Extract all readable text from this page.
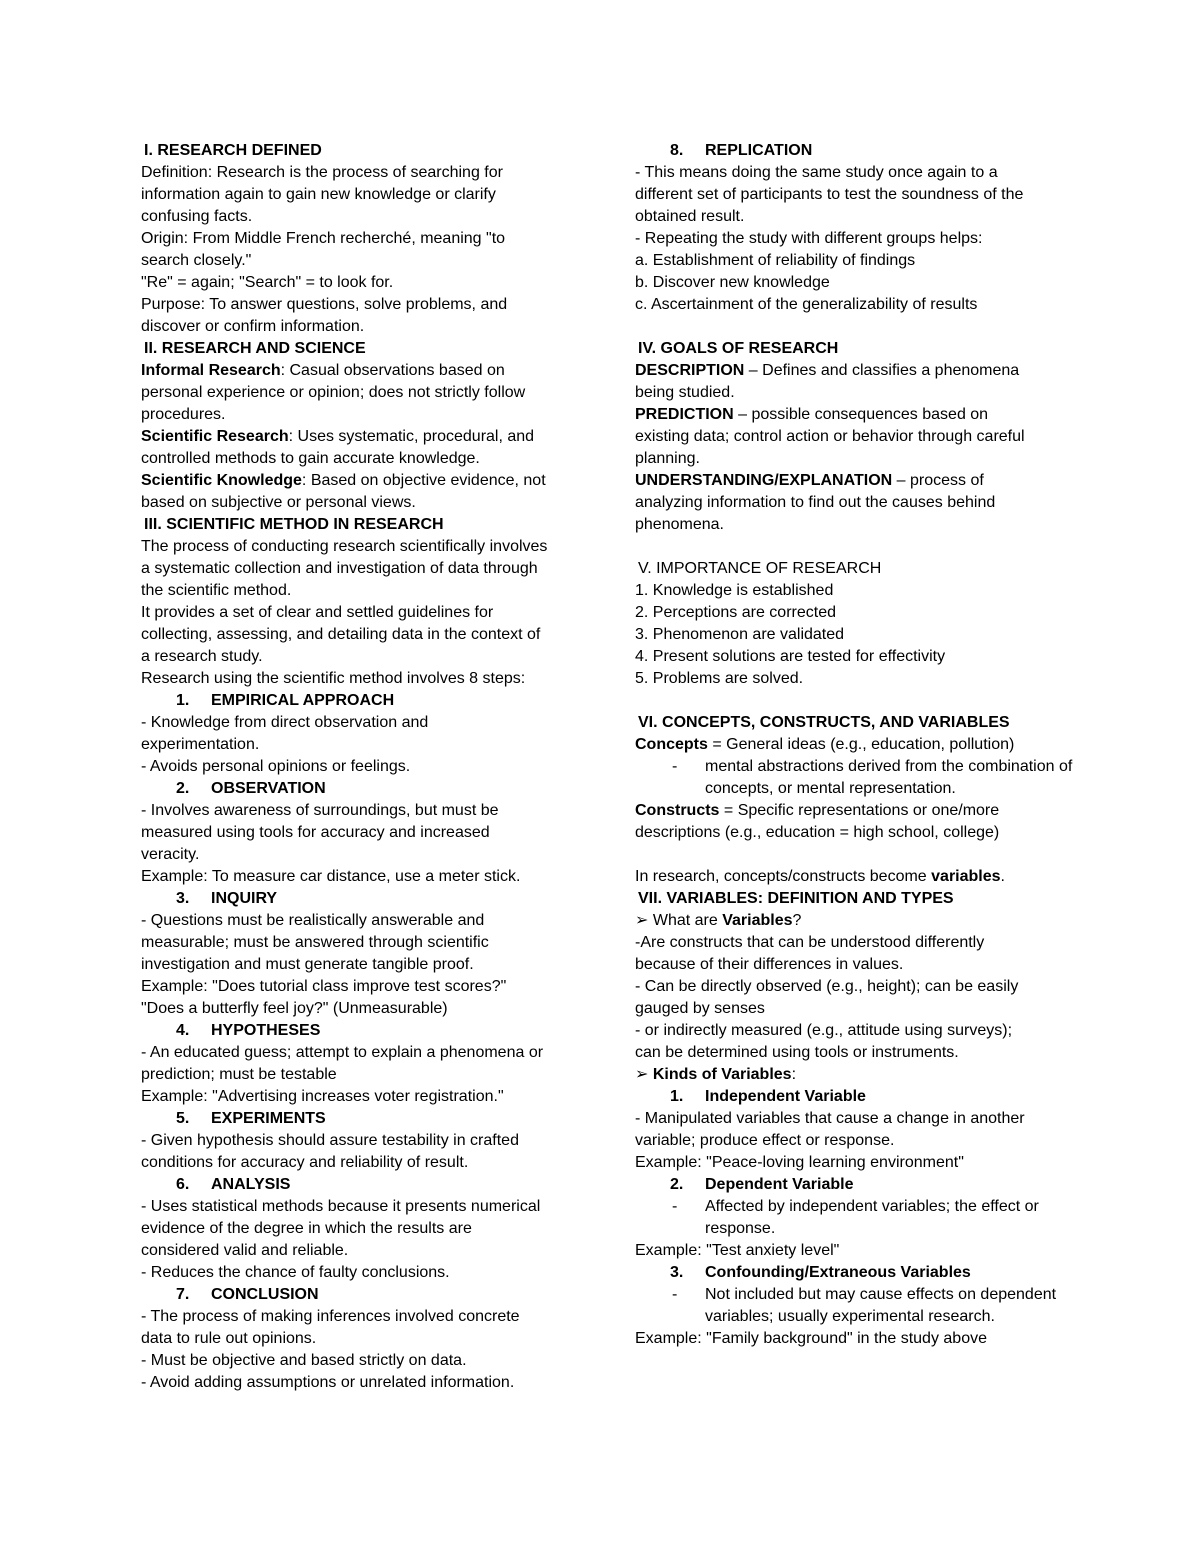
I. RESEARCH DEFINED
Definition: Research is the process of searching for
information again to gain new knowledge or clarify
confusing facts.
Origin: From Middle French recherché, meaning "to
search closely."
"Re" = again; "Search" = to look for.
Purpose: To answer questions, solve problems, and
discover or confirm information.
II. RESEARCH AND SCIENCE
Informal Research: Casual observations based on
personal experience or opinion; does not strictly follow
procedures.
Scientific Research: Uses systematic, procedural, and
controlled methods to gain accurate knowledge.
Scientific Knowledge: Based on objective evidence, not
based on subjective or personal views.
III. SCIENTIFIC METHOD IN RESEARCH
The process of conducting research scientifically involves
a systematic collection and investigation of data through
the scientific method.
It provides a set of clear and settled guidelines for
collecting, assessing, and detailing data in the context of
a research study.
Research using the scientific method involves 8 steps:
1. EMPIRICAL APPROACH
- Knowledge from direct observation and
experimentation.
- Avoids personal opinions or feelings.
2. OBSERVATION
- Involves awareness of surroundings, but must be
measured using tools for accuracy and increased
veracity.
Example: To measure car distance, use a meter stick.
3. INQUIRY
- Questions must be realistically answerable and
measurable; must be answered through scientific
investigation and must generate tangible proof.
Example: "Does tutorial class improve test scores?"
"Does a butterfly feel joy?" (Unmeasurable)
4. HYPOTHESES
- An educated guess; attempt to explain a phenomena or
prediction; must be testable
Example: "Advertising increases voter registration."
5. EXPERIMENTS
- Given hypothesis should assure testability in crafted
conditions for accuracy and reliability of result.
6. ANALYSIS
- Uses statistical methods because it presents numerical
evidence of the degree in which the results are
considered valid and reliable.
- Reduces the chance of faulty conclusions.
7. CONCLUSION
- The process of making inferences involved concrete
data to rule out opinions.
- Must be objective and based strictly on data.
- Avoid adding assumptions or unrelated information.
8. REPLICATION
- This means doing the same study once again to a
different set of participants to test the soundness of the
obtained result.
- Repeating the study with different groups helps:
a. Establishment of reliability of findings
b. Discover new knowledge
c. Ascertainment of the generalizability of results
IV. GOALS OF RESEARCH
DESCRIPTION – Defines and classifies a phenomena
being studied.
PREDICTION – possible consequences based on
existing data; control action or behavior through careful
planning.
UNDERSTANDING/EXPLANATION – process of
analyzing information to find out the causes behind
phenomena.
V. IMPORTANCE OF RESEARCH
1. Knowledge is established
2. Perceptions are corrected
3. Phenomenon are validated
4. Present solutions are tested for effectivity
5. Problems are solved.
VI. CONCEPTS, CONSTRUCTS, AND VARIABLES
Concepts = General ideas (e.g., education, pollution)
- mental abstractions derived from the combination of concepts, or mental representation.
Constructs = Specific representations or one/more
descriptions (e.g., education = high school, college)
In research, concepts/constructs become variables.
VII. VARIABLES: DEFINITION AND TYPES
➢ What are Variables?
-Are constructs that can be understood differently
because of their differences in values.
- Can be directly observed (e.g., height); can be easily
gauged by senses
- or indirectly measured (e.g., attitude using surveys);
can be determined using tools or instruments.
➢ Kinds of Variables:
1. Independent Variable
- Manipulated variables that cause a change in another
variable; produce effect or response.
Example: "Peace-loving learning environment"
2. Dependent Variable
- Affected by independent variables; the effect or response.
Example: "Test anxiety level"
3. Confounding/Extraneous Variables
- Not included but may cause effects on dependent variables; usually experimental research.
Example: "Family background" in the study above
